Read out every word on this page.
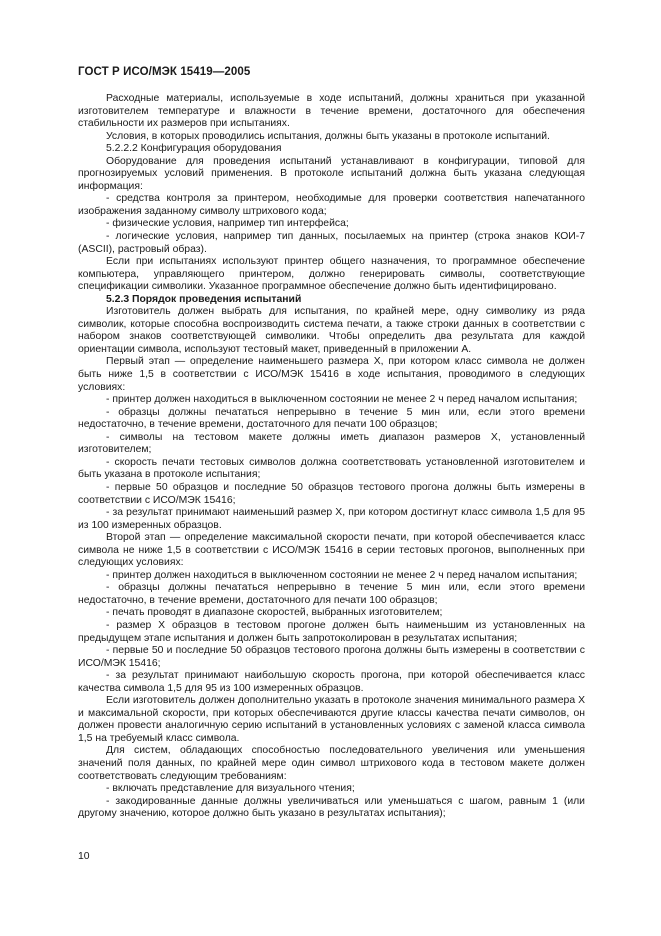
ГОСТ Р ИСО/МЭК 15419—2005

Расходные материалы, используемые в ходе испытаний, должны храниться при указанной изготовителем температуре и влажности в течение времени, достаточного для обеспечения стабильности их размеров при испытаниях.

Условия, в которых проводились испытания, должны быть указаны в протоколе испытаний.

5.2.2.2 Конфигурация оборудования

Оборудование для проведения испытаний устанавливают в конфигурации, типовой для прогнозируемых условий применения. В протоколе испытаний должна быть указана следующая информация:

- средства контроля за принтером, необходимые для проверки соответствия напечатанного изображения заданному символу штрихового кода;

- физические условия, например тип интерфейса;

- логические условия, например тип данных, посылаемых на принтер (строка знаков КОИ-7 (ASCII), растровый образ).

Если при испытаниях используют принтер общего назначения, то программное обеспечение компьютера, управляющего принтером, должно генерировать символы, соответствующие спецификации символики. Указанное программное обеспечение должно быть идентифицировано.

5.2.3 Порядок проведения испытаний

Изготовитель должен выбрать для испытания, по крайней мере, одну символику из ряда символик, которые способна воспроизводить система печати, а также строки данных в соответствии с набором знаков соответствующей символики. Чтобы определить два результата для каждой ориентации символа, используют тестовый макет, приведенный в приложении А.

Первый этап — определение наименьшего размера X, при котором класс символа не должен быть ниже 1,5 в соответствии с ИСО/МЭК 15416 в ходе испытания, проводимого в следующих условиях:

- принтер должен находиться в выключенном состоянии не менее 2 ч перед началом испытания;

- образцы должны печататься непрерывно в течение 5 мин или, если этого времени недостаточно, в течение времени, достаточного для печати 100 образцов;

- символы на тестовом макете должны иметь диапазон размеров X, установленный изготовителем;

- скорость печати тестовых символов должна соответствовать установленной изготовителем и быть указана в протоколе испытания;

- первые 50 образцов и последние 50 образцов тестового прогона должны быть измерены в соответствии с ИСО/МЭК 15416;

- за результат принимают наименьший размер X, при котором достигнут класс символа 1,5 для 95 из 100 измеренных образцов.

Второй этап — определение максимальной скорости печати, при которой обеспечивается класс символа не ниже 1,5 в соответствии с ИСО/МЭК 15416 в серии тестовых прогонов, выполненных при следующих условиях:

- принтер должен находиться в выключенном состоянии не менее 2 ч перед началом испытания;

- образцы должны печататься непрерывно в течение 5 мин или, если этого времени недостаточно, в течение времени, достаточного для печати 100 образцов;

- печать проводят в диапазоне скоростей, выбранных изготовителем;

- размер X образцов в тестовом прогоне должен быть наименьшим из установленных на предыдущем этапе испытания и должен быть запротоколирован в результатах испытания;

- первые 50 и последние 50 образцов тестового прогона должны быть измерены в соответствии с ИСО/МЭК 15416;

- за результат принимают наибольшую скорость прогона, при которой обеспечивается класс качества символа 1,5 для 95 из 100 измеренных образцов.

Если изготовитель должен дополнительно указать в протоколе значения минимального размера X и максимальной скорости, при которых обеспечиваются другие классы качества печати символов, он должен провести аналогичную серию испытаний в установленных условиях с заменой класса символа 1,5 на требуемый класс символа.

Для систем, обладающих способностью последовательного увеличения или уменьшения значений поля данных, по крайней мере один символ штрихового кода в тестовом макете должен соответствовать следующим требованиям:

- включать представление для визуального чтения;

- закодированные данные должны увеличиваться или уменьшаться с шагом, равным 1 (или другому значению, которое должно быть указано в результатах испытания);

10
